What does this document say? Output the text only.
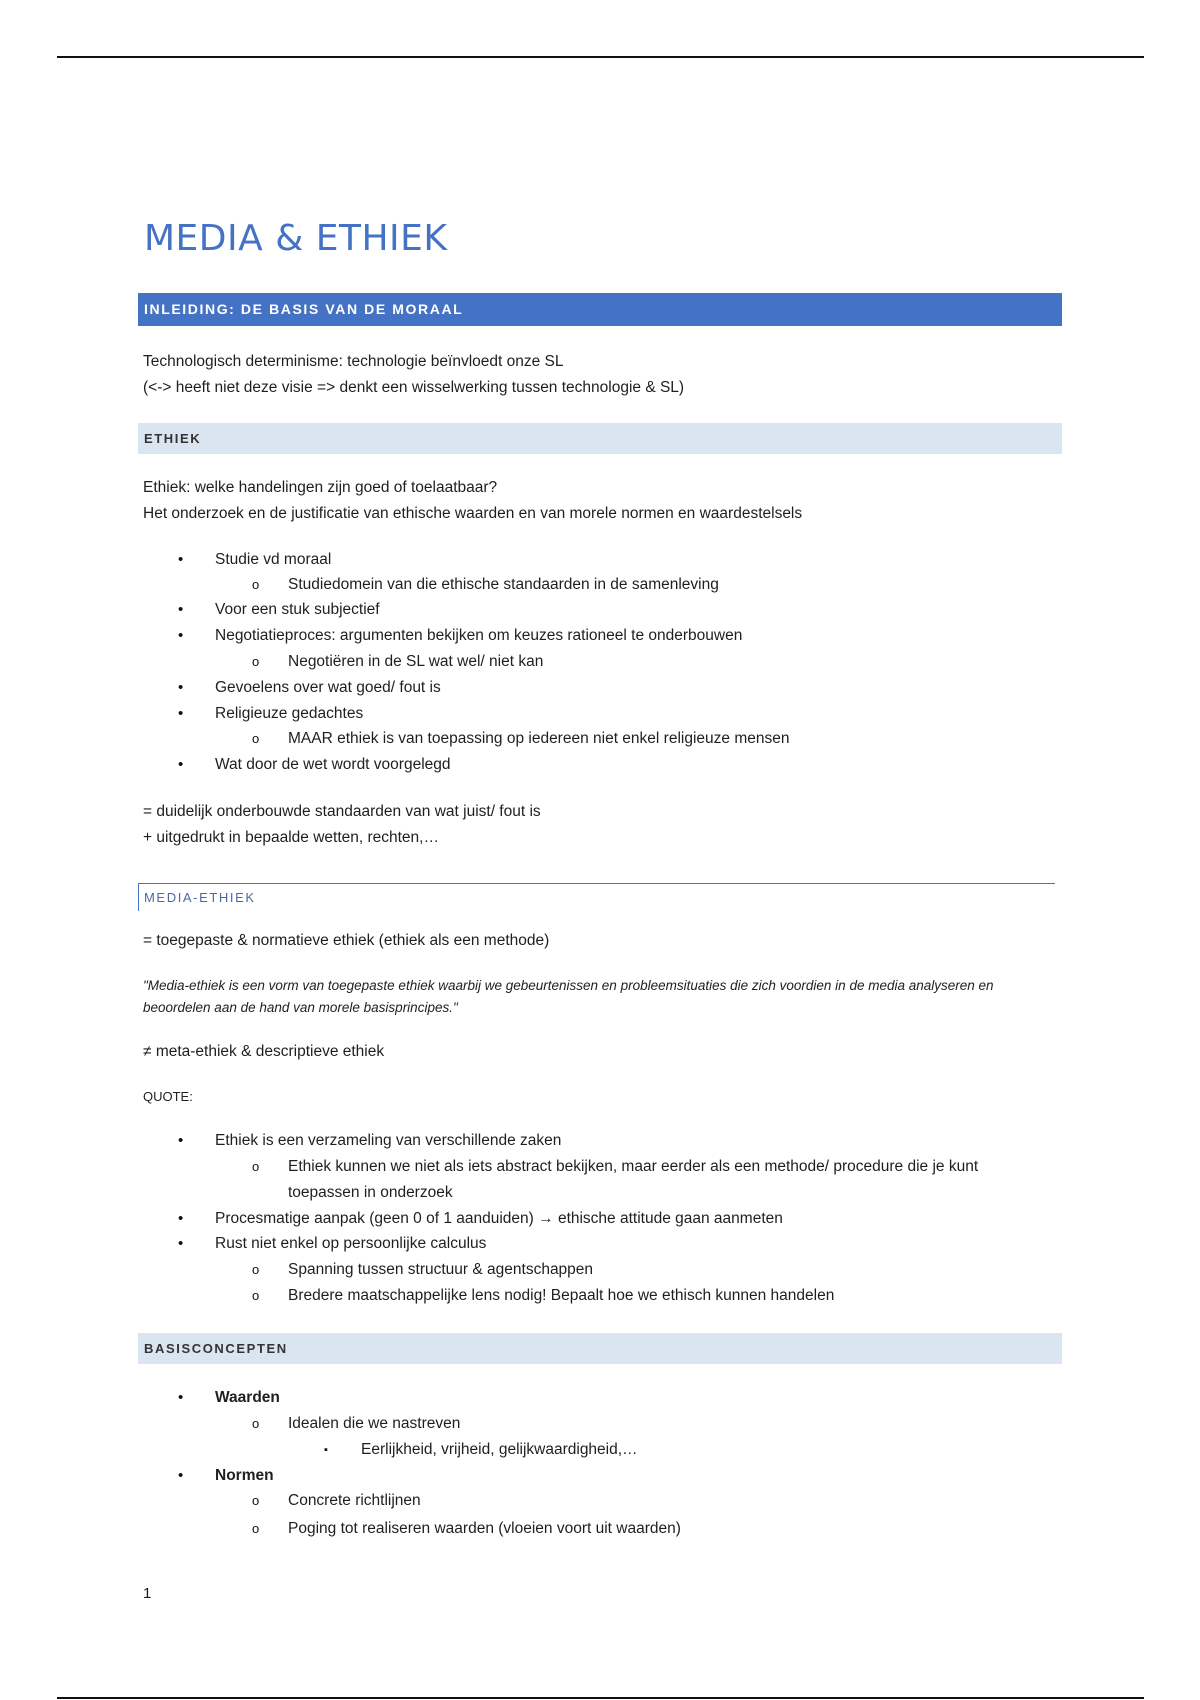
MEDIA & ETHIEK
INLEIDING: DE BASIS VAN DE MORAAL
Technologisch determinisme: technologie beïnvloedt onze SL
(<-> heeft niet deze visie => denkt een wisselwerking tussen technologie & SL)
ETHIEK
Ethiek: welke handelingen zijn goed of toelaatbaar?
Het onderzoek en de justificatie van ethische waarden en van morele normen en waardestelsels
• Studie vd moraal
o Studiedomein van die ethische standaarden in de samenleving
• Voor een stuk subjectief
• Negotiatieproces: argumenten bekijken om keuzes rationeel te onderbouwen
o Negotiëren in de SL wat wel/ niet kan
• Gevoelens over wat goed/ fout is
• Religieuze gedachtes
o MAAR ethiek is van toepassing op iedereen niet enkel religieuze mensen
• Wat door de wet wordt voorgelegd
= duidelijk onderbouwde standaarden van wat juist/ fout is
+ uitgedrukt in bepaalde wetten, rechten,…
MEDIA-ETHIEK
= toegepaste & normatieve ethiek (ethiek als een methode)
"Media-ethiek is een vorm van toegepaste ethiek waarbij we gebeurtenissen en probleemsituaties die zich voordien in de media analyseren en beoordelen aan de hand van morele basisprincipes."
≠ meta-ethiek & descriptieve ethiek
QUOTE:
• Ethiek is een verzameling van verschillende zaken
o Ethiek kunnen we niet als iets abstract bekijken, maar eerder als een methode/ procedure die je kunt
toepassen in onderzoek
• Procesmatige aanpak (geen 0 of 1 aanduiden) → ethische attitude gaan aanmeten
• Rust niet enkel op persoonlijke calculus
o Spanning tussen structuur & agentschappen
o Bredere maatschappelijke lens nodig! Bepaalt hoe we ethisch kunnen handelen
BASISCONCEPTEN
• Waarden
o Idealen die we nastreven
▪ Eerlijkheid, vrijheid, gelijkwaardigheid,…
• Normen
o Concrete richtlijnen
o Poging tot realiseren waarden (vloeien voort uit waarden)
1
